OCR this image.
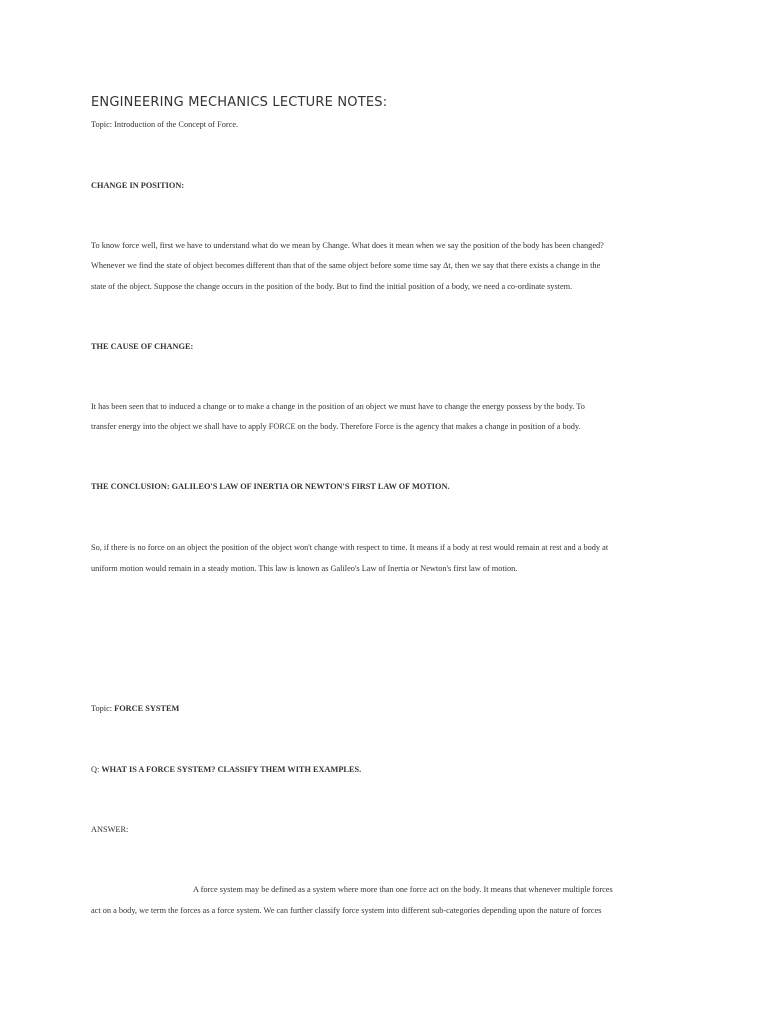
ENGINEERING MECHANICS LECTURE NOTES:
Topic: Introduction of the Concept of Force.
CHANGE IN POSITION:
To know force well, first we have to understand what do we mean by Change. What does it mean when we say the position of the body has been changed?
Whenever we find the state of object becomes different than that of the same object before some time say Δt, then we say that there exists a change in the
state of the object. Suppose the change occurs in the position of the body. But to find the initial position of a body, we need a co-ordinate system.
THE CAUSE OF CHANGE:
It has been seen that to induced a change or to make a change in the position of an object we must have to change the energy possess by the body. To
transfer energy into the object we shall have to apply FORCE on the body. Therefore Force is the agency that makes a change in position of a body.
THE CONCLUSION: GALILEO'S LAW OF INERTIA OR NEWTON'S FIRST LAW OF MOTION.
So, if there is no force on an object the position of the object won't change with respect to time. It means if a body at rest would remain at rest and a body at
uniform motion would remain in a steady motion. This law is known as Galileo's Law of Inertia or Newton's first law of motion.
Topic: FORCE SYSTEM
Q: WHAT IS A FORCE SYSTEM? CLASSIFY THEM WITH EXAMPLES.
ANSWER:
A force system may be defined as a system where more than one force act on the body. It means that whenever multiple forces
act on a body, we term the forces as a force system. We can further classify force system into different sub-categories depending upon the nature of forces
